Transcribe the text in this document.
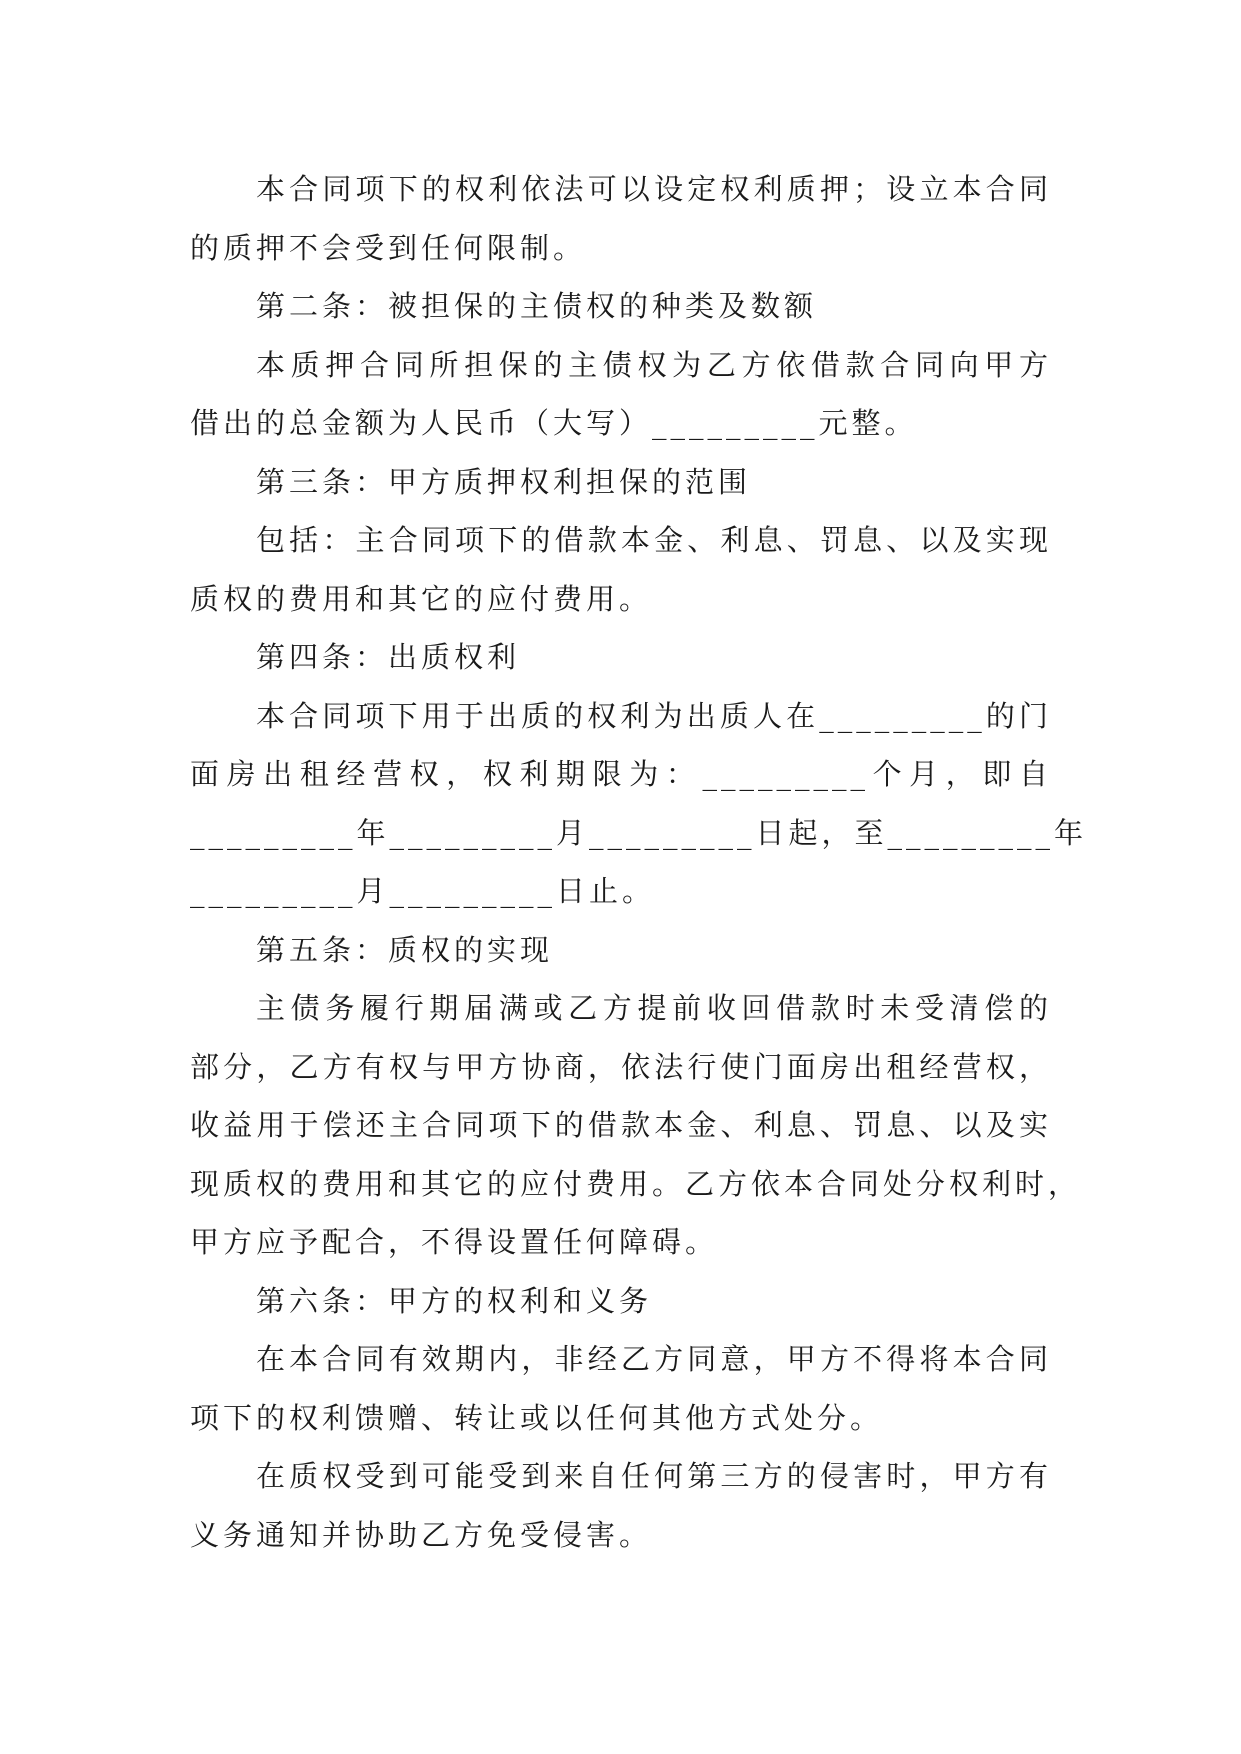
本合同项下的权利依法可以设定权利质押；设立本合同
的质押不会受到任何限制。
第二条：被担保的主债权的种类及数额
本质押合同所担保的主债权为乙方依借款合同向甲方
借出的总金额为人民币（大写）_________元整。
第三条：甲方质押权利担保的范围
包括：主合同项下的借款本金、利息、罚息、以及实现
质权的费用和其它的应付费用。
第四条：出质权利
本合同项下用于出质的权利为出质人在_________的门
面房出租经营权，权利期限为：_________个月，即自
_________年_________月_________日起，至_________年
_________月_________日止。
第五条：质权的实现
主债务履行期届满或乙方提前收回借款时未受清偿的
部分，乙方有权与甲方协商，依法行使门面房出租经营权，
收益用于偿还主合同项下的借款本金、利息、罚息、以及实
现质权的费用和其它的应付费用。乙方依本合同处分权利时，
甲方应予配合，不得设置任何障碍。
第六条：甲方的权利和义务
在本合同有效期内，非经乙方同意，甲方不得将本合同
项下的权利馈赠、转让或以任何其他方式处分。
在质权受到可能受到来自任何第三方的侵害时，甲方有
义务通知并协助乙方免受侵害。
